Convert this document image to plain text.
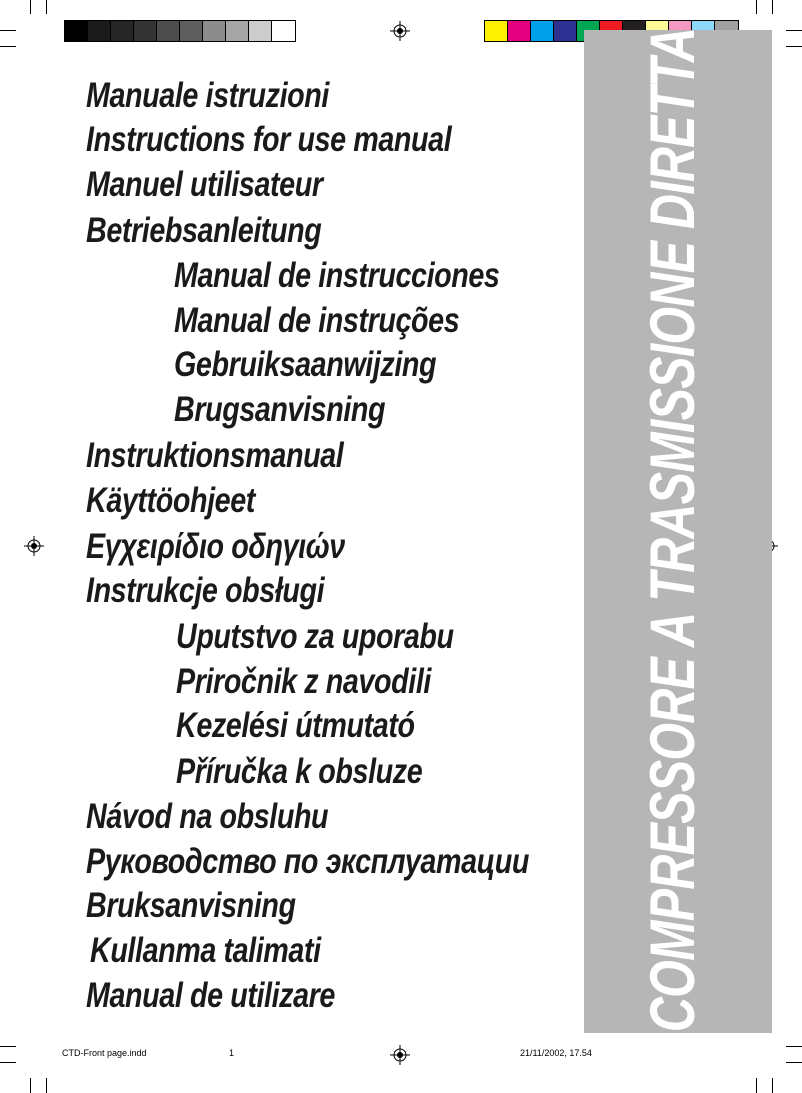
COMPRESSORE A TRASMISSIONE DIRETTA
Manuale istruzioni
Instructions for use manual
Manuel utilisateur
Betriebsanleitung
Manual de instrucciones
Manual de instruções
Gebruiksaanwijzing
Brugsanvisning
Instruktionsmanual
Käyttöohjeet
Εγχειρίδιο οδηγιών
Instrukcje obsługi
Uputstvo za uporabu
Priročnik z navodili
Kezelési útmutató
Příručka k obsluze
Návod na obsluhu
Руководство по эксплуатации
Bruksanvisning
Kullanma talimati
Manual de utilizare
CTD-Front page.indd	1	21/11/2002, 17.54
